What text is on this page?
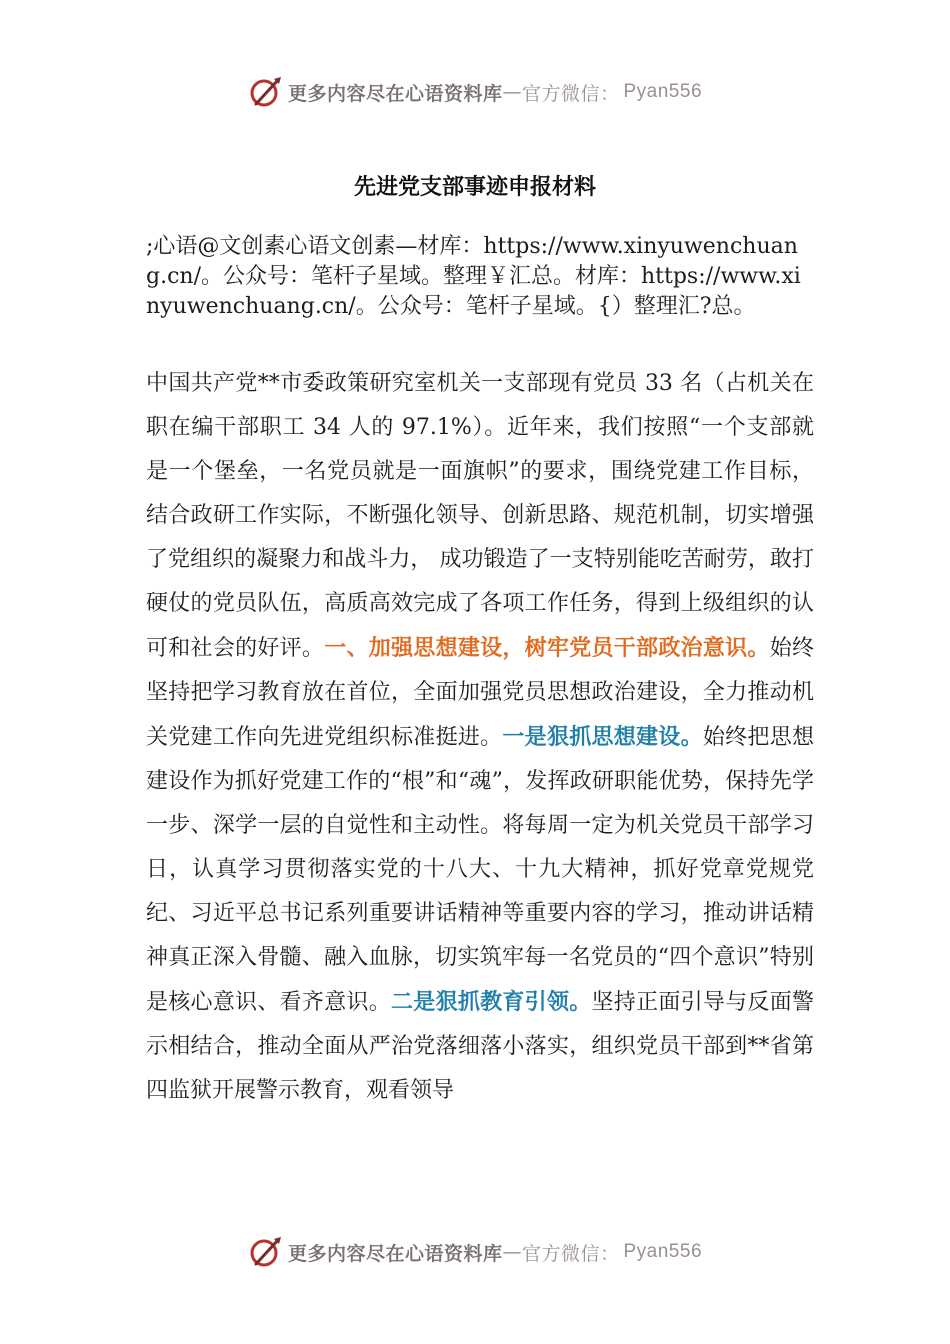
更多内容尽在心语资料库 — 官方微信： Pyan556
先进党支部事迹申报材料
;心语@文创素心语文创素—材库：https://www.xinyuwenchuang.cn/。公众号：笔杆子星域。整理￥汇总。材库：https://www.xinyuwenchuang.cn/。公众号：笔杆子星域。{）整理汇?总。
中国共产党**市委政策研究室机关一支部现有党员 33 名（占机关在职在编干部职工 34 人的 97.1%）。近年来，我们按照“一个支部就是一个堡垒，一名党员就是一面旗帜”的要求，围绕党建工作目标，结合政研工作实际，不断强化领导、创新思路、规范机制，切实增强了党组织的凝聚力和战斗力， 成功锻造了一支特别能吃苦耐劳，敢打硬仗的党员队伍，高质高效完成了各项工作任务，得到上级组织的认可和社会的好评。一、加强思想建设，树牢党员干部政治意识。始终坚持把学习教育放在首位，全面加强党员思想政治建设，全力推动机关党建工作向先进党组织标准挺进。一是狠抓思想建设。始终把思想建设作为抓好党建工作的“根”和“魂”，发挥政研职能优势，保持先学一步、深学一层的自觉性和主动性。将每周一定为机关党员干部学习日，认真学习贯彻落实党的十八大、十九大精神，抓好党章党规党纪、习近平总书记系列重要讲话精神等重要内容的学习，推动讲话精神真正深入骨髓、融入血脉，切实筑牢每一名党员的“四个意识”特别是核心意识、看齐意识。二是狠抓教育引领。坚持正面引导与反面警示相结合，推动全面从严治党落细落小落实，组织党员干部到**省第四监狱开展警示教育，观看领导
更多内容尽在心语资料库 — 官方微信： Pyan556
